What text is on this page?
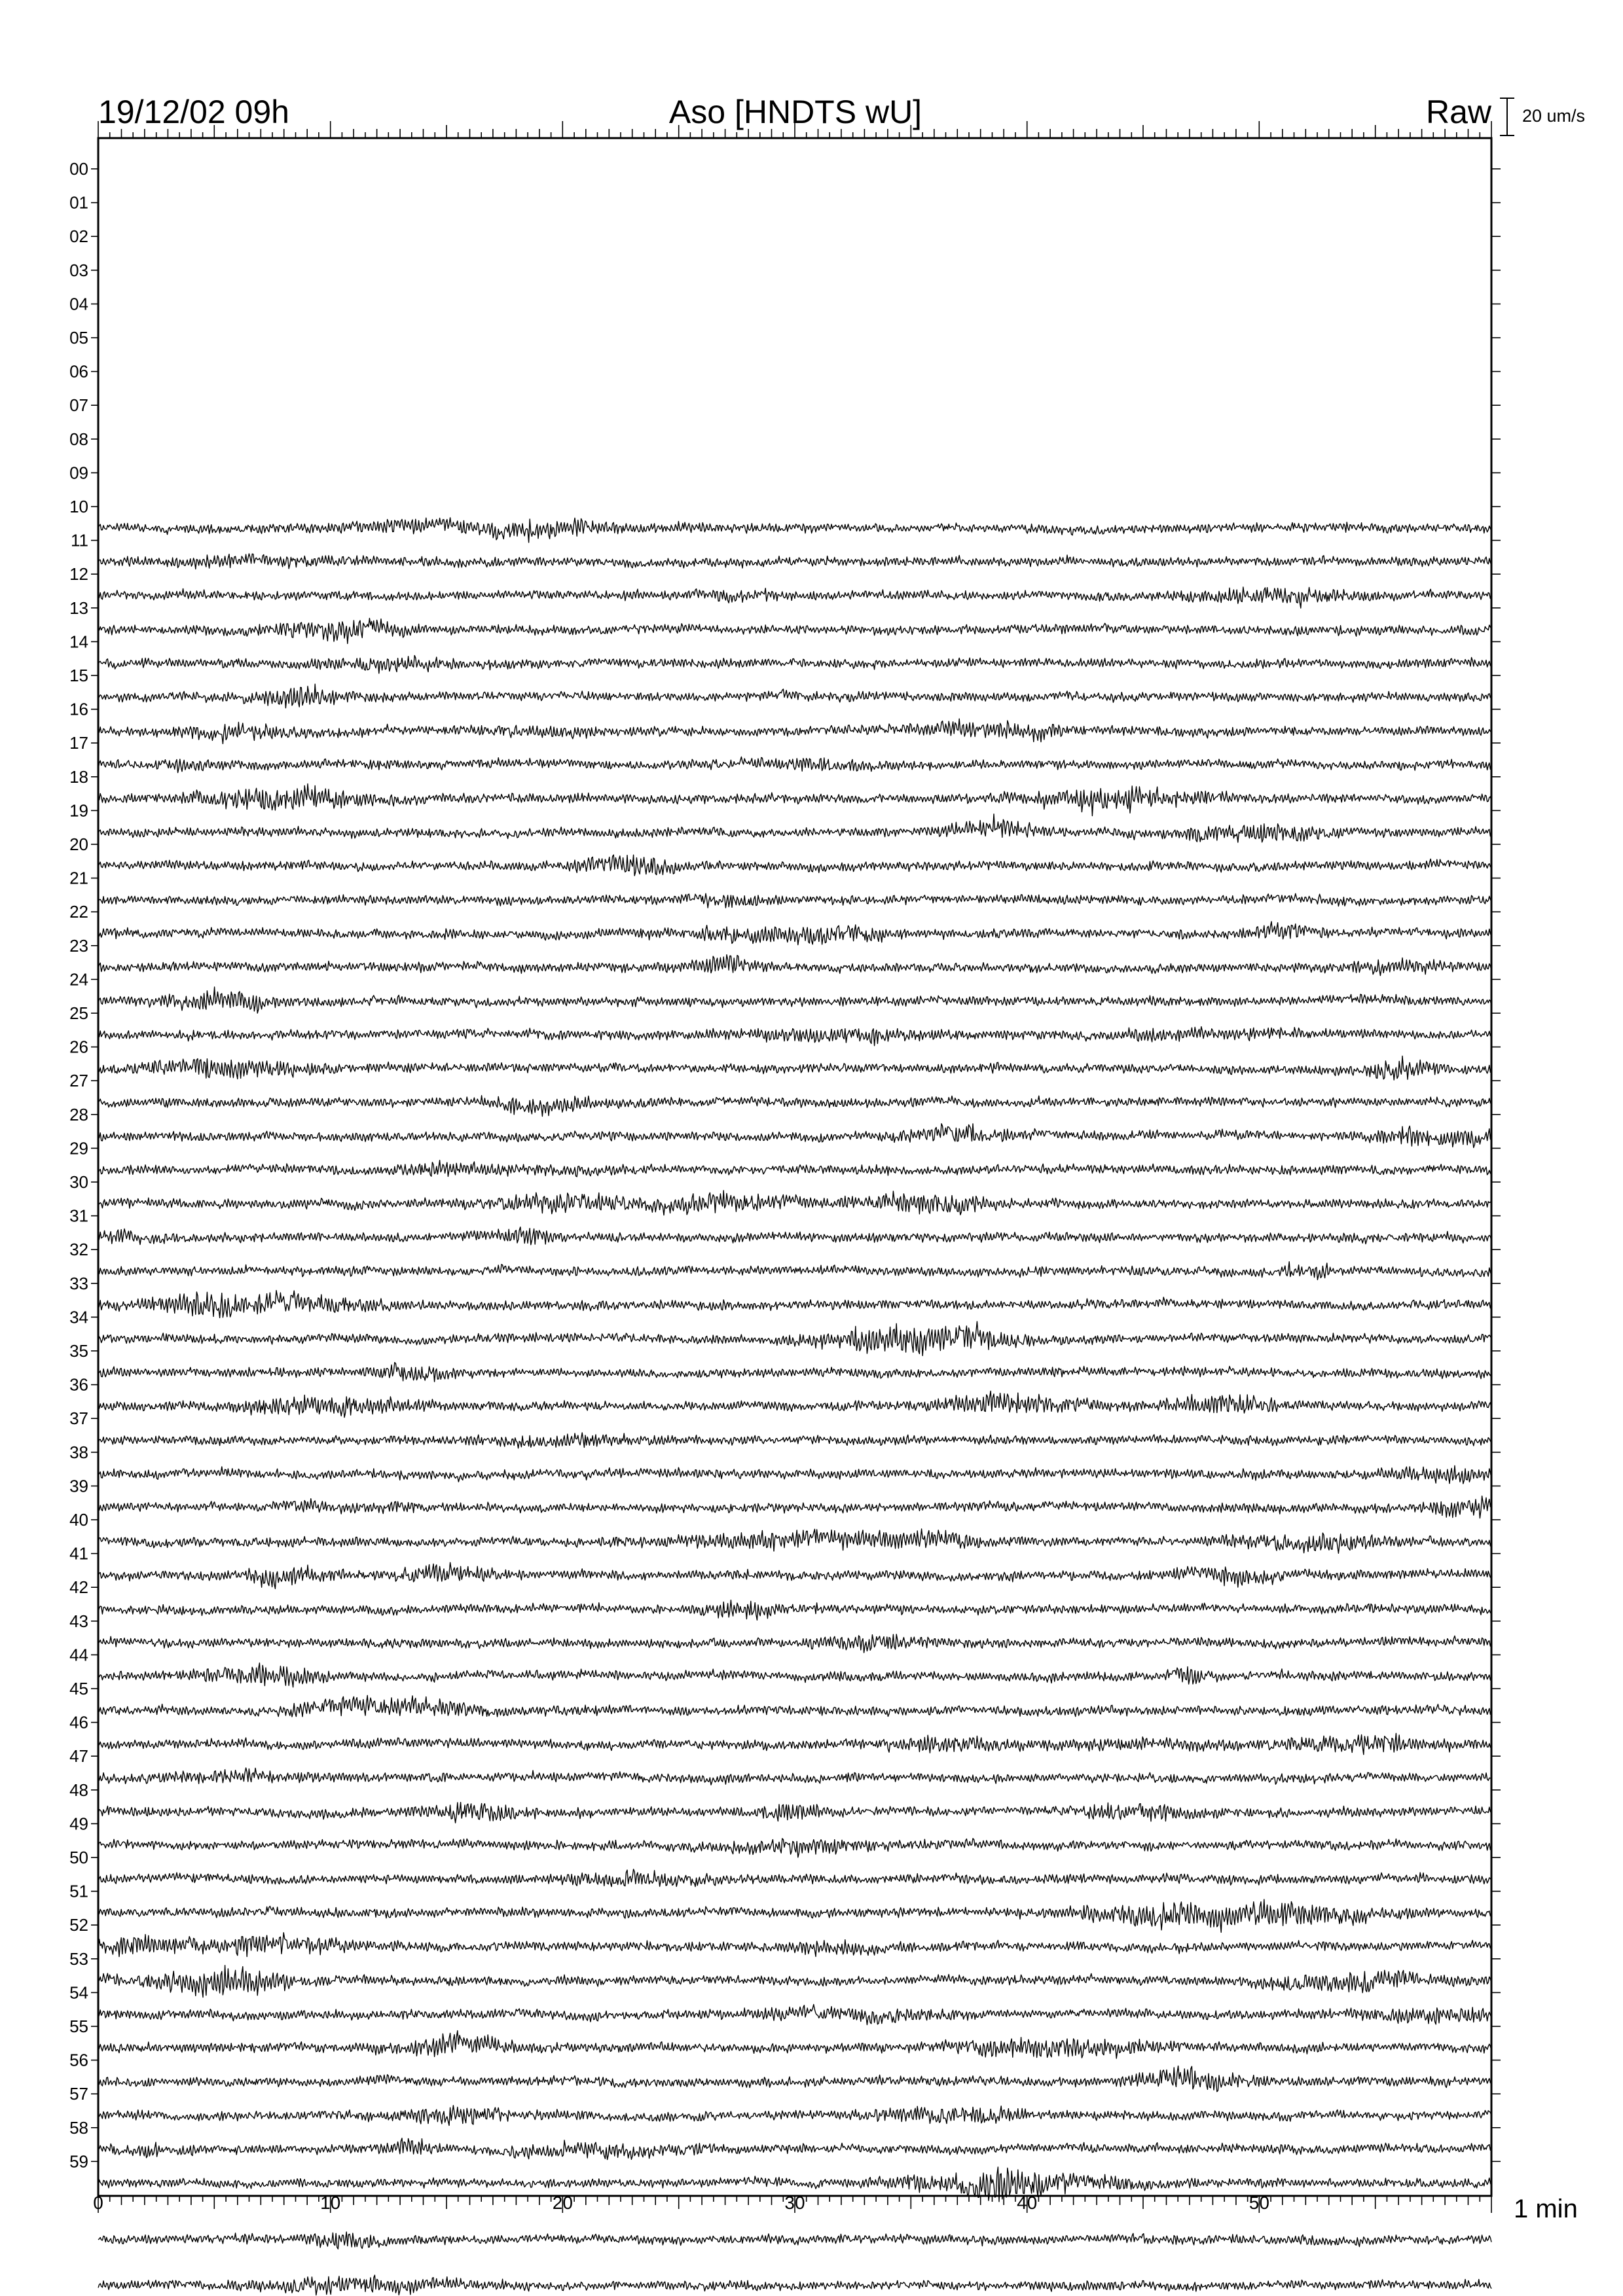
19/12/02 09h	Aso [HNDTS wU]	Raw 20 um/s
00
01
02
03
04
05
06
07
08
09
10
11
12
13
14
15
16
17
18
19
20
21
22
23
24
25
26
27
28
29
30
31
32
33
34
35
36
37
38
39
40
41
42
43
44
45
46
47
48
49
50
51
52
53
54
55
56
57
58
59
0	10	20	30	40	50	1 min
